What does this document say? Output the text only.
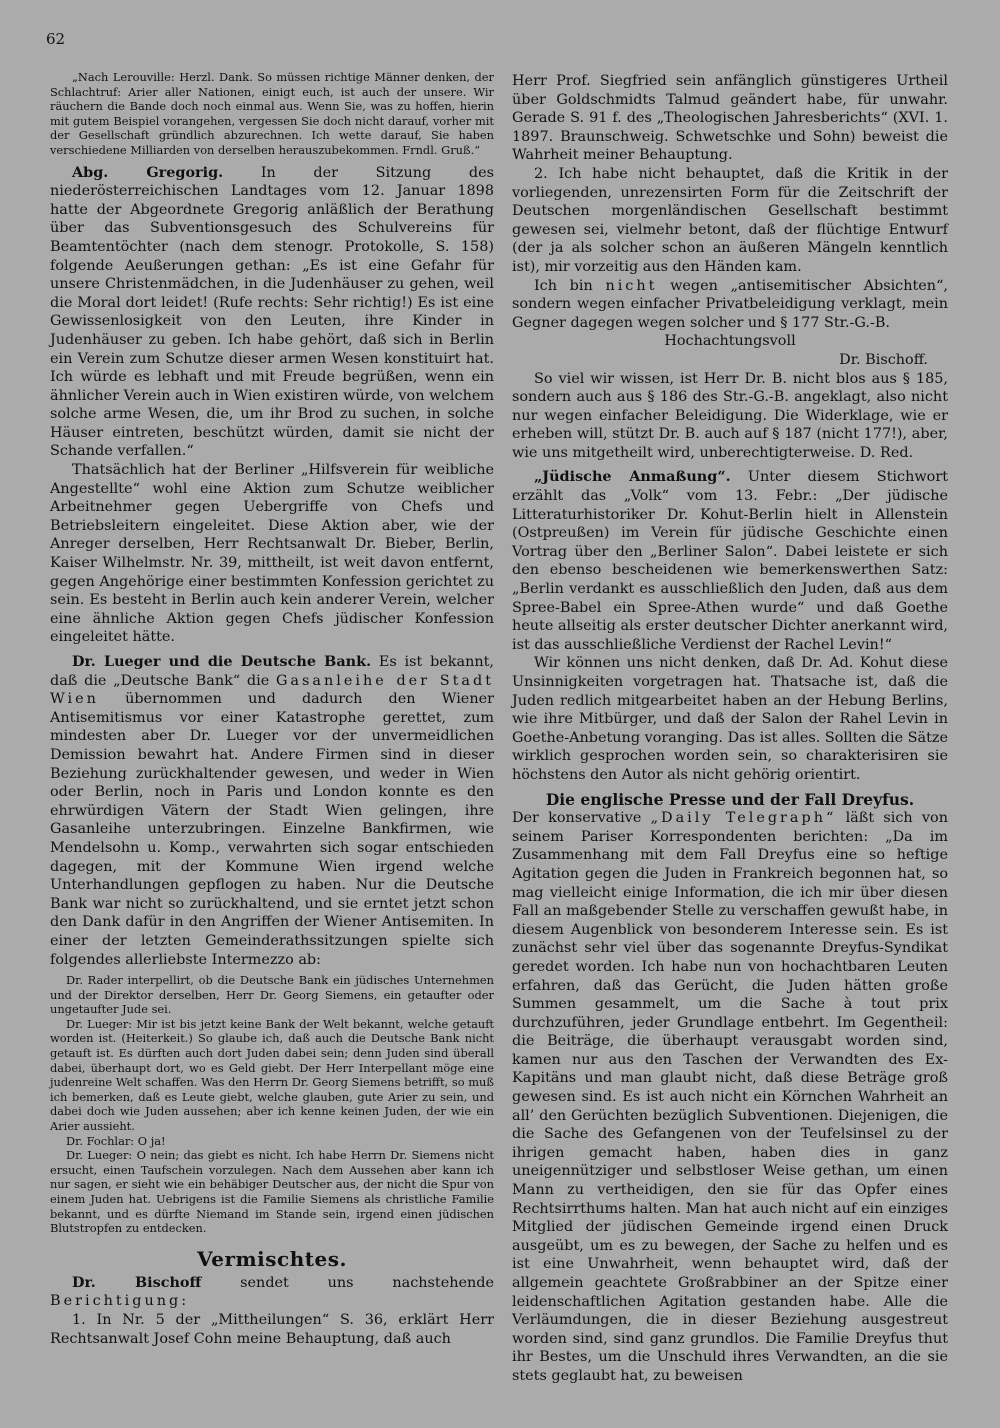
62

„Nach Lerouville: Herzl. Dank. So müssen richtige Männer denken, der Schlachtruf: Arier aller Nationen, einigt euch, ist auch der unsere. Wir räuchern die Bande doch noch einmal aus. Wenn Sie, was zu hoffen, hierin mit gutem Beispiel vorangehen, vergessen Sie doch nicht darauf, vorher mit der Gesellschaft gründlich abzurechnen. Ich wette darauf, Sie haben verschiedene Milliarden von derselben herauszubekommen. Frndl. Gruß.“

Abg. Gregorig.	In der Sitzung des niederösterreichischen Landtages vom 12. Januar 1898 hatte der Abgeordnete Gregorig anläßlich der Berathung über das Subventionsgesuch des Schulvereins für Beamtentöchter (nach dem stenogr. Protokolle, S. 158) folgende Aeußerungen gethan: „Es ist eine Gefahr für unsere Christenmädchen, in die Judenhäuser zu gehen, weil die Moral dort leidet! (Rufe rechts: Sehr richtig!) Es ist eine Gewissenlosigkeit von den Leuten, ihre Kinder in Judenhäuser zu geben. Ich habe gehört, daß sich in Berlin ein Verein zum Schutze dieser armen Wesen konstituirt hat. Ich würde es lebhaft und mit Freude begrüßen, wenn ein ähnlicher Verein auch in Wien existiren würde, von welchem solche arme Wesen, die, um ihr Brod zu suchen, in solche Häuser eintreten, beschützt würden, damit sie nicht der Schande verfallen.“

Thatsächlich hat der Berliner „Hilfsverein für weibliche Angestellte“ wohl eine Aktion zum Schutze weiblicher Arbeitnehmer gegen Uebergriffe von Chefs und Betriebsleitern eingeleitet. Diese Aktion aber, wie der Anreger derselben, Herr Rechtsanwalt Dr. Bieber, Berlin, Kaiser Wilhelmstr. Nr. 39, mittheilt, ist weit davon entfernt, gegen Angehörige einer bestimmten Konfession gerichtet zu sein. Es besteht in Berlin auch kein anderer Verein, welcher eine ähnliche Aktion gegen Chefs jüdischer Konfession eingeleitet hätte.

Dr. Lueger und die Deutsche Bank. Es ist bekannt, daß die „Deutsche Bank“ die Gasanleihe der Stadt Wien übernommen und dadurch den Wiener Antisemitismus vor einer Katastrophe gerettet, zum mindesten aber Dr. Lueger vor der unvermeidlichen Demission bewahrt hat. Andere Firmen sind in dieser Beziehung zurückhaltender gewesen, und weder in Wien oder Berlin, noch in Paris und London konnte es den ehrwürdigen Vätern der Stadt Wien gelingen, ihre Gasanleihe unterzubringen. Einzelne Bankfirmen, wie Mendelsohn u. Komp., verwahrten sich sogar entschieden dagegen, mit der Kommune Wien irgend welche Unterhandlungen gepflogen zu haben. Nur die Deutsche Bank war nicht so zurückhaltend, und sie erntet jetzt schon den Dank dafür in den Angriffen der Wiener Antisemiten. In einer der letzten Gemeinderathssitzungen spielte sich folgendes allerliebste Intermezzo ab:

Dr. Rader interpellirt, ob die Deutsche Bank ein jüdisches Unternehmen und der Direktor derselben, Herr Dr. Georg Siemens, ein getaufter oder ungetaufter Jude sei.

Dr. Lueger: Mir ist bis jetzt keine Bank der Welt bekannt, welche getauft worden ist. (Heiterkeit.) So glaube ich, daß auch die Deutsche Bank nicht getauft ist. Es dürften auch dort Juden dabei sein; denn Juden sind überall dabei, überhaupt dort, wo es Geld giebt. Der Herr Interpellant möge eine judenreine Welt schaffen. Was den Herrn Dr. Georg Siemens betrifft, so muß ich bemerken, daß es Leute giebt, welche glauben, gute Arier zu sein, und dabei doch wie Juden aussehen; aber ich kenne keinen Juden, der wie ein Arier aussieht.

Dr. Fochlar: O ja!

Dr. Lueger: O nein; das giebt es nicht. Ich habe Herrn Dr. Siemens nicht ersucht, einen Taufschein vorzulegen. Nach dem Aussehen aber kann ich nur sagen, er sieht wie ein behäbiger Deutscher aus, der nicht die Spur von einem Juden hat. Uebrigens ist die Familie Siemens als christliche Familie bekannt, und es dürfte Niemand im Stande sein, irgend einen jüdischen Blutstropfen zu entdecken.

Vermischtes.

Dr. Bischoff	sendet uns nachstehende Berichtigung:

1. In Nr. 5 der „Mittheilungen“ S. 36, erklärt Herr Rechtsanwalt Josef Cohn meine Behauptung, daß auch

Herr Prof. Siegfried sein anfänglich günstigeres Urtheil über Goldschmidts Talmud geändert habe, für unwahr. Gerade S. 91 f. des „Theologischen Jahresberichts“ (XVI. 1. 1897. Braunschweig. Schwetschke und Sohn) beweist die Wahrheit meiner Behauptung.

2. Ich habe nicht behauptet, daß die Kritik in der vorliegenden, unrezensirten Form für die Zeitschrift der Deutschen morgenländischen Gesellschaft bestimmt gewesen sei, vielmehr betont, daß der flüchtige Entwurf (der ja als solcher schon an äußeren Mängeln kenntlich ist), mir vorzeitig aus den Händen kam.

Ich bin nicht wegen „antisemitischer Absichten“, sondern wegen einfacher Privatbeleidigung verklagt, mein Gegner dagegen wegen solcher und § 177 Str.-G.-B.

Hochachtungsvoll

Dr. Bischoff.

So viel wir wissen, ist Herr Dr. B. nicht blos aus § 185, sondern auch aus § 186 des Str.-G.-B. angeklagt, also nicht nur wegen einfacher Beleidigung. Die Widerklage, wie er erheben will, stützt Dr. B. auch auf § 187 (nicht 177!), aber, wie uns mitgetheilt wird, unberechtigterweise. D. Red.

„Jüdische Anmaßung“. Unter diesem Stichwort erzählt das „Volk“ vom 13. Febr.: „Der jüdische Litteraturhistoriker Dr. Kohut-Berlin hielt in Allenstein (Ostpreußen) im Verein für jüdische Geschichte einen Vortrag über den „Berliner Salon“. Dabei leistete er sich den ebenso bescheidenen wie bemerkenswerthen Satz: „Berlin verdankt es ausschließlich den Juden, daß aus dem Spree-Babel ein Spree-Athen wurde“ und daß Goethe heute allseitig als erster deutscher Dichter anerkannt wird, ist das ausschließliche Verdienst der Rachel Levin!“

Wir können uns nicht denken, daß Dr. Ad. Kohut diese Unsinnigkeiten vorgetragen hat. Thatsache ist, daß die Juden redlich mitgearbeitet haben an der Hebung Berlins, wie ihre Mitbürger, und daß der Salon der Rahel Levin in Goethe-Anbetung voranging. Das ist alles. Sollten die Sätze wirklich gesprochen worden sein, so charakterisiren sie höchstens den Autor als nicht gehörig orientirt.

Die englische Presse und der Fall Dreyfus.

Der konservative „Daily Telegraph“ läßt sich von seinem Pariser Korrespondenten berichten: „Da im Zusammenhang mit dem Fall Dreyfus eine so heftige Agitation gegen die Juden in Frankreich begonnen hat, so mag vielleicht einige Information, die ich mir über diesen Fall an maßgebender Stelle zu verschaffen gewußt habe, in diesem Augenblick von besonderem Interesse sein. Es ist zunächst sehr viel über das sogenannte Dreyfus-Syndikat geredet worden. Ich habe nun von hochachtbaren Leuten erfahren, daß das Gerücht, die Juden hätten große Summen gesammelt, um die Sache à tout prix durchzuführen, jeder Grundlage entbehrt. Im Gegentheil: die Beiträge, die überhaupt verausgabt worden sind, kamen nur aus den Taschen der Verwandten des Ex-Kapitäns und man glaubt nicht, daß diese Beträge groß gewesen sind. Es ist auch nicht ein Körnchen Wahrheit an all’ den Gerüchten bezüglich Subventionen. Diejenigen, die die Sache des Gefangenen von der Teufelsinsel zu der ihrigen gemacht haben, haben dies in ganz uneigennütziger und selbstloser Weise gethan, um einen Mann zu vertheidigen, den sie für das Opfer eines Rechtsirrthums halten. Man hat auch nicht auf ein einziges Mitglied der jüdischen Gemeinde irgend einen Druck ausgeübt, um es zu bewegen, der Sache zu helfen und es ist eine Unwahrheit, wenn behauptet wird, daß der allgemein geachtete Großrabbiner an der Spitze einer leidenschaftlichen Agitation gestanden habe. Alle die Verläumdungen, die in dieser Beziehung ausgestreut worden sind, sind ganz grundlos. Die Familie Dreyfus thut ihr Bestes, um die Unschuld ihres Verwandten, an die sie stets geglaubt hat, zu beweisen
